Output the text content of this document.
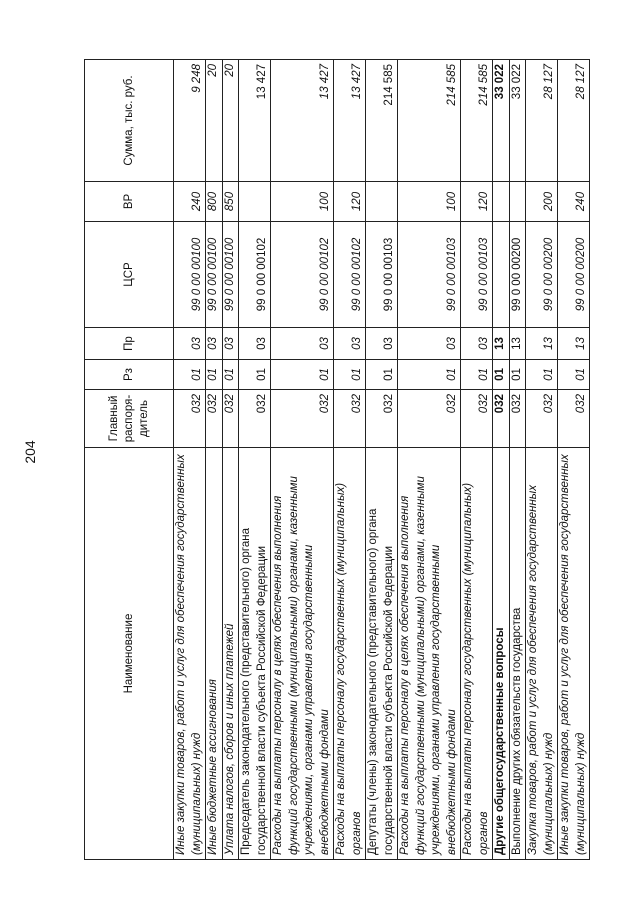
204
Наименование	Главный распоря-дитель	Рз	Пр	ЦСР	ВР	Сумма, тыс. руб.
Иные закупки товаров, работ и услуг для обеспечения государственных (муниципальных) нужд	032	01	03	99 0 00 00100	240	9 248
Иные бюджетные ассигнования	032	01	03	99 0 00 00100	800	20
Уплата налогов, сборов и иных платежей	032	01	03	99 0 00 00100	850	20
Председатель законодательного (представительного) органа государственной власти субъекта Российской Федерации	032	01	03	99 0 00 00102		13 427
Расходы на выплаты персоналу в целях обеспечения выполнения функций государственными (муниципальными) органами, казенными учреждениями, органами управления государственными внебюджетными фондами	032	01	03	99 0 00 00102	100	13 427
Расходы на выплаты персоналу государственных (муниципальных) органов	032	01	03	99 0 00 00102	120	13 427
Депутаты (члены) законодательного (представительного) органа государственной власти субъекта Российской Федерации	032	01	03	99 0 00 00103		214 585
Расходы на выплаты персоналу в целях обеспечения выполнения функций государственными (муниципальными) органами, казенными учреждениями, органами управления государственными внебюджетными фондами	032	01	03	99 0 00 00103	100	214 585
Расходы на выплаты персоналу государственных (муниципальных) органов	032	01	03	99 0 00 00103	120	214 585
Другие общегосударственные вопросы	032	01	13			33 022
Выполнение других обязательств государства	032	01	13	99 0 00 00200		33 022
Закупка товаров, работ и услуг для обеспечения государственных (муниципальных) нужд	032	01	13	99 0 00 00200	200	28 127
Иные закупки товаров, работ и услуг для обеспечения государственных (муниципальных) нужд	032	01	13	99 0 00 00200	240	28 127
